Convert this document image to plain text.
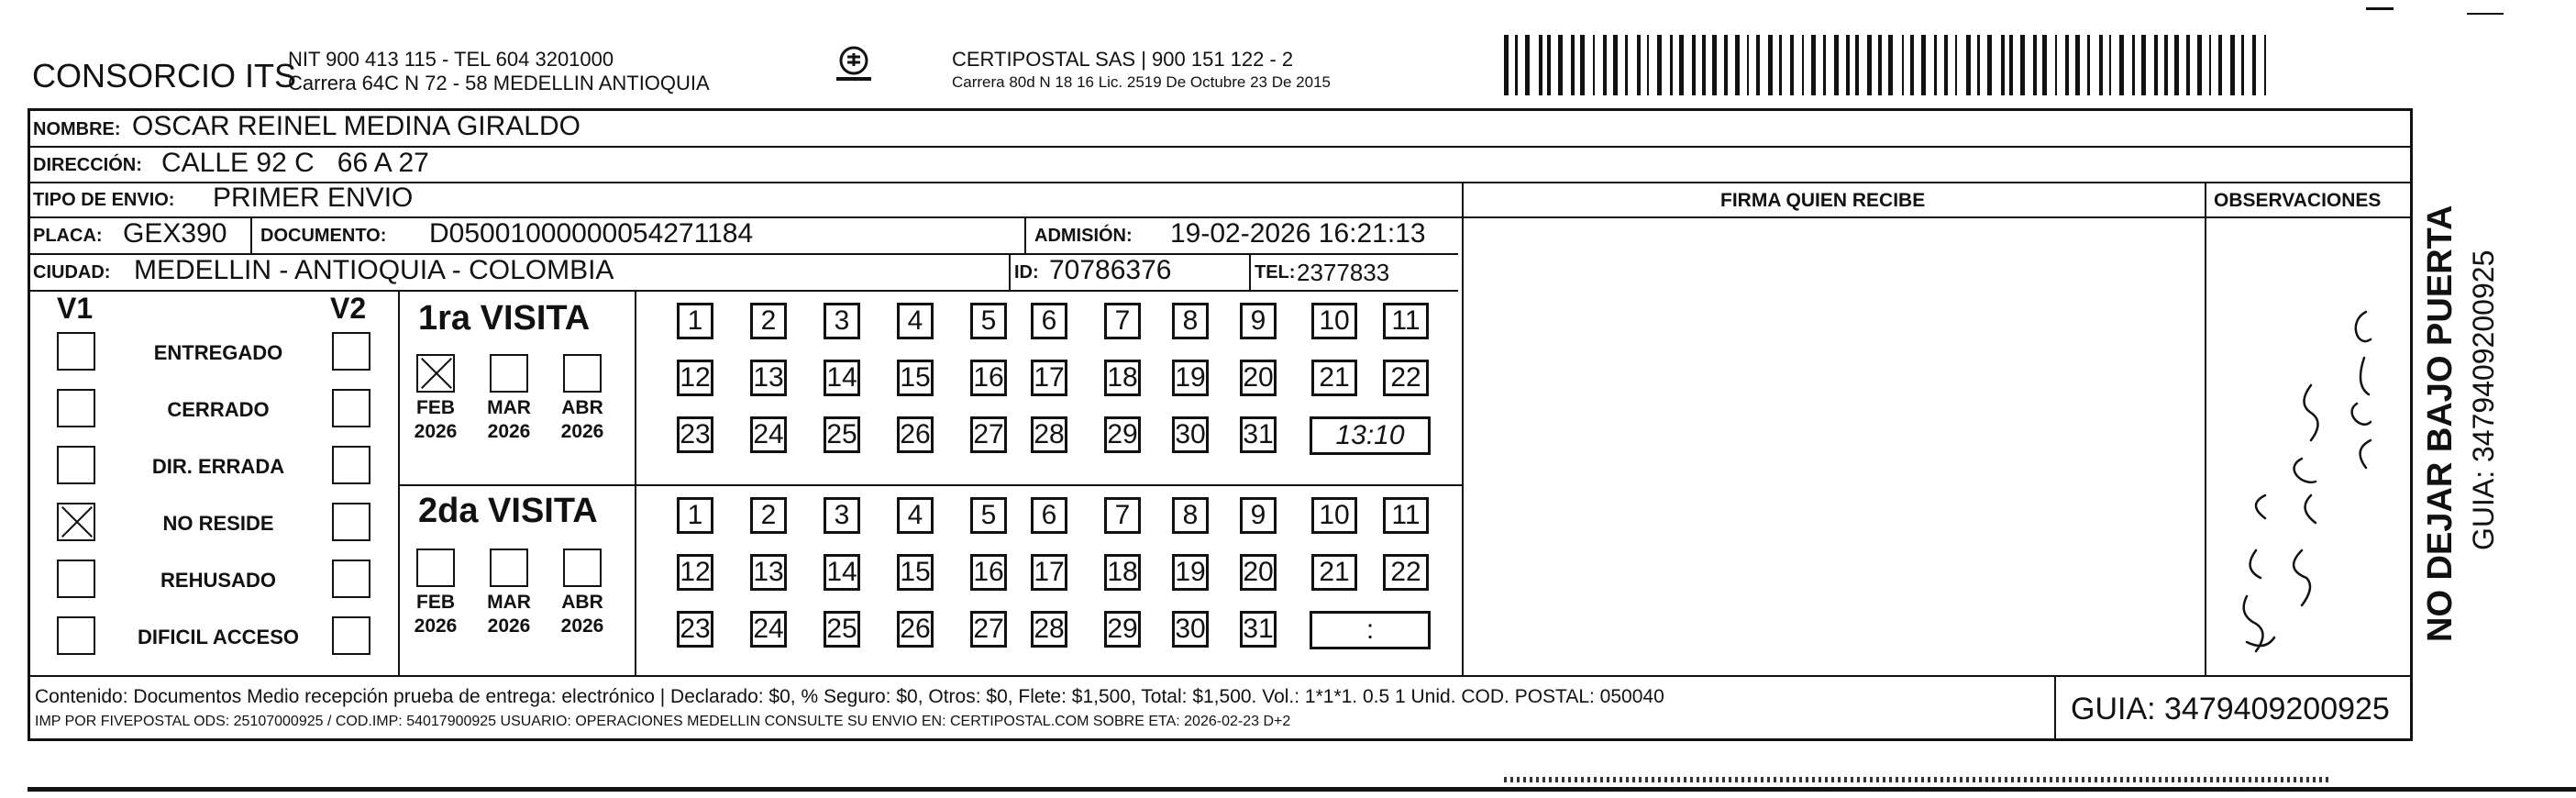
CONSORCIO ITS
NIT 900 413 115 - TEL 604 3201000
Carrera 64C N 72 - 58 MEDELLIN ANTIOQUIA
CERTIPOSTAL SAS | 900 151 122 - 2
Carrera 80d N 18 16 Lic. 2519 De Octubre 23 De 2015
NOMBRE: OSCAR REINEL MEDINA GIRALDO
DIRECCIÓN: CALLE 92 C   66 A 27
TIPO DE ENVIO: PRIMER ENVIO	FIRMA QUIEN RECIBE	OBSERVACIONES
PLACA: GEX390 DOCUMENTO: D05001000000054271184	ADMISIÓN: 19-02-2026 16:21:13
CIUDAD: MEDELLIN - ANTIOQUIA - COLOMBIA	ID: 70786376	TEL: 2377833
V1	V2
ENTREGADO
CERRADO
DIR. ERRADA
NO RESIDE
REHUSADO
DIFICIL ACCESO
1ra VISITA
FEB
2026
MAR
2026
ABR
2026
1	2	3	4	5	6	7	8	9	10	11
12 13 14 15 16 17 18 19 20 21 22
23 24 25 26 27 28 29 30 31	13:10
2da VISITA
FEB
2026
MAR
2026
ABR
2026
1	2	3	4	5	6	7	8	9	10	11
12 13 14 15 16 17 18 19 20 21 22
23 24 25 26 27 28 29 30 31	:
Contenido: Documentos Medio recepción prueba de entrega: electrónico | Declarado: $0, % Seguro: $0, Otros: $0, Flete: $1,500, Total: $1,500. Vol.: 1*1*1. 0.5 1 Unid. COD. POSTAL: 050040
IMP POR FIVEPOSTAL ODS: 25107000925 / COD.IMP: 54017900925 USUARIO: OPERACIONES MEDELLIN CONSULTE SU ENVIO EN: CERTIPOSTAL.COM SOBRE ETA: 2026-02-23 D+2	GUIA: 3479409200925
NO DEJAR BAJO PUERTA GUIA: 3479409200925
